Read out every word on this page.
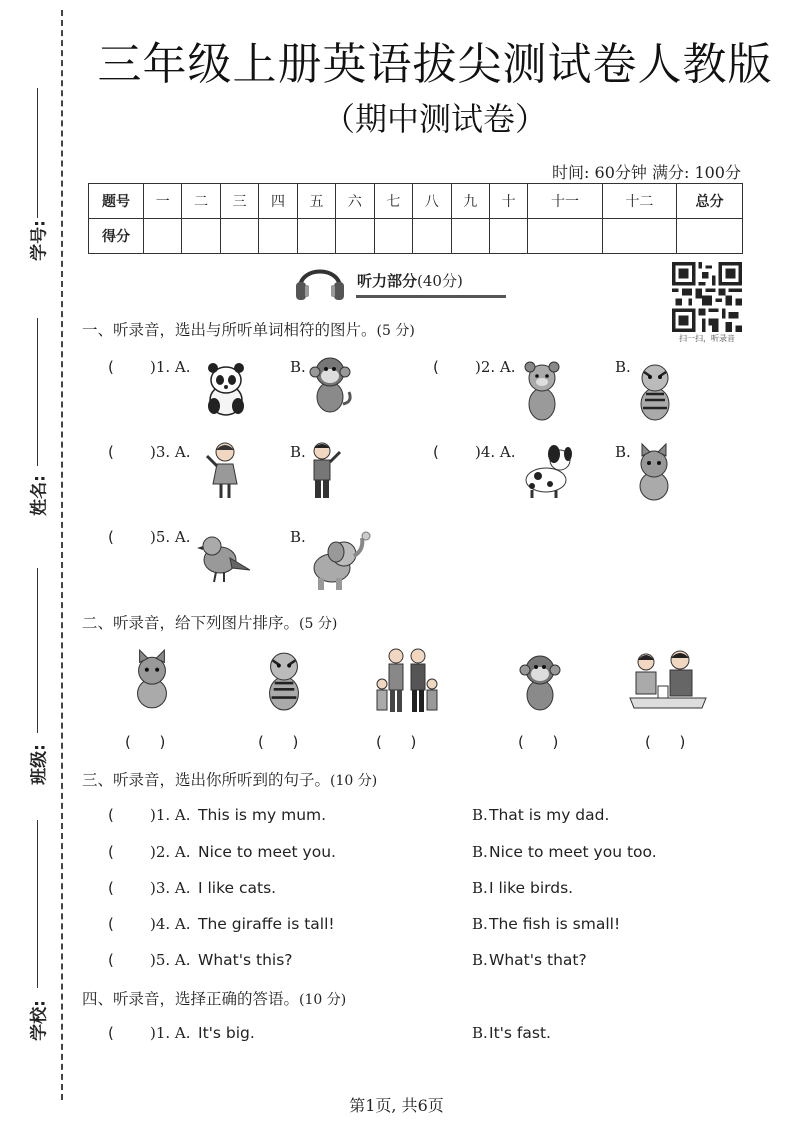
学号:
姓名:
班级:
学校:
三年级上册英语拔尖测试卷人教版
（期中测试卷）
时间: 60分钟 满分: 100分
题号	一	二	三	四	五	六	七	八	九	十	十一	十二	总分
得分													
听力部分(40分)
扫一扫，听录音
一、听录音，选出与所听单词相符的图片。(5 分)
( )1. A.	B.	( )2. A.	B.
( )3. A.	B.	( )4. A.	B.
( )5. A.	B.
二、听录音，给下列图片排序。(5 分)
(      )	(      )	(      )	(      )	(      )
三、听录音，选出你所听到的句子。(10 分)
( )1. A. This is my mum.	B. That is my dad.
( )2. A. Nice to meet you.	B. Nice to meet you too.
( )3. A. I like cats.	B. I like birds.
( )4. A. The giraffe is tall!	B. The fish is small!
( )5. A. What's this?	B. What's that?
四、听录音，选择正确的答语。(10 分)
( )1. A. It's big.	B. It's fast.
第1页, 共6页
